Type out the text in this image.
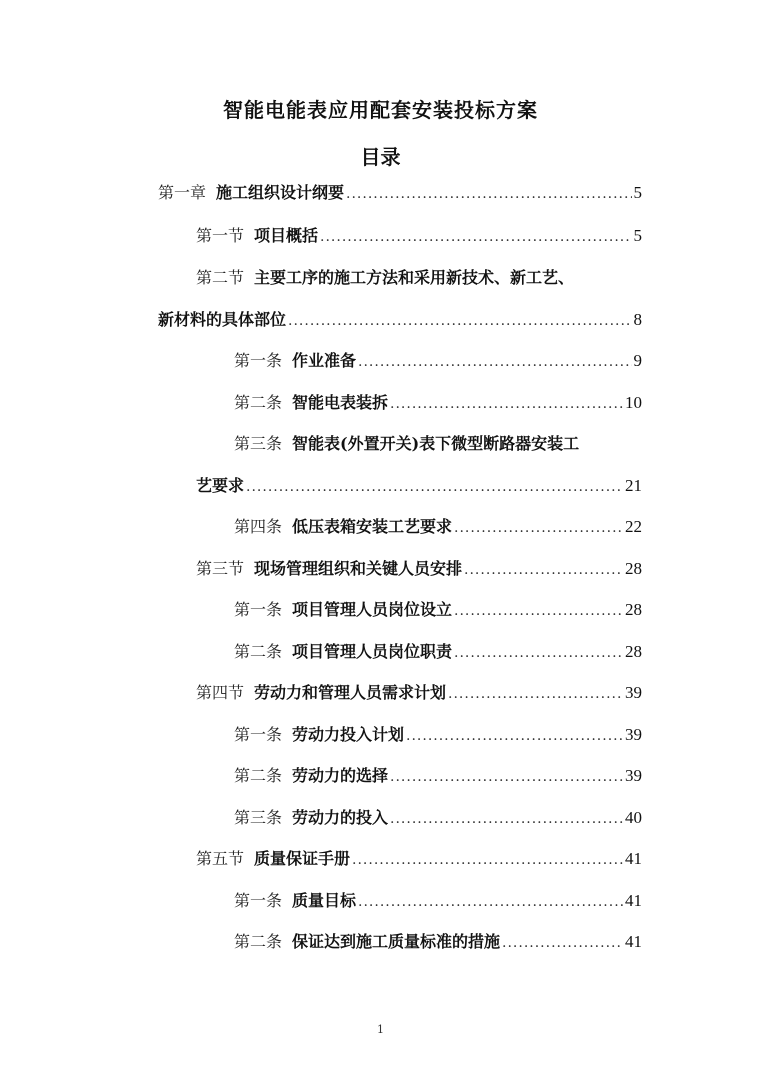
智能电能表应用配套安装投标方案
目录
第一章 施工组织设计纲要 .....	5
第一节 项目概括 .....	5
第二节 主要工序的施工方法和采用新技术、新工艺、
新材料的具体部位 .....	8
第一条 作业准备 .....	9
第二条 智能电表装拆 .....	10
第三条 智能表(外置开关)表下微型断路器安装工
艺要求 .....	21
第四条 低压表箱安装工艺要求 .....	22
第三节 现场管理组织和关键人员安排 .....	28
第一条 项目管理人员岗位设立 .....	28
第二条 项目管理人员岗位职责 .....	28
第四节 劳动力和管理人员需求计划 .....	39
第一条 劳动力投入计划 .....	39
第二条 劳动力的选择 .....	39
第三条 劳动力的投入 .....	40
第五节 质量保证手册 .....	41
第一条 质量目标 .....	41
第二条 保证达到施工质量标准的措施 .....	41
1
